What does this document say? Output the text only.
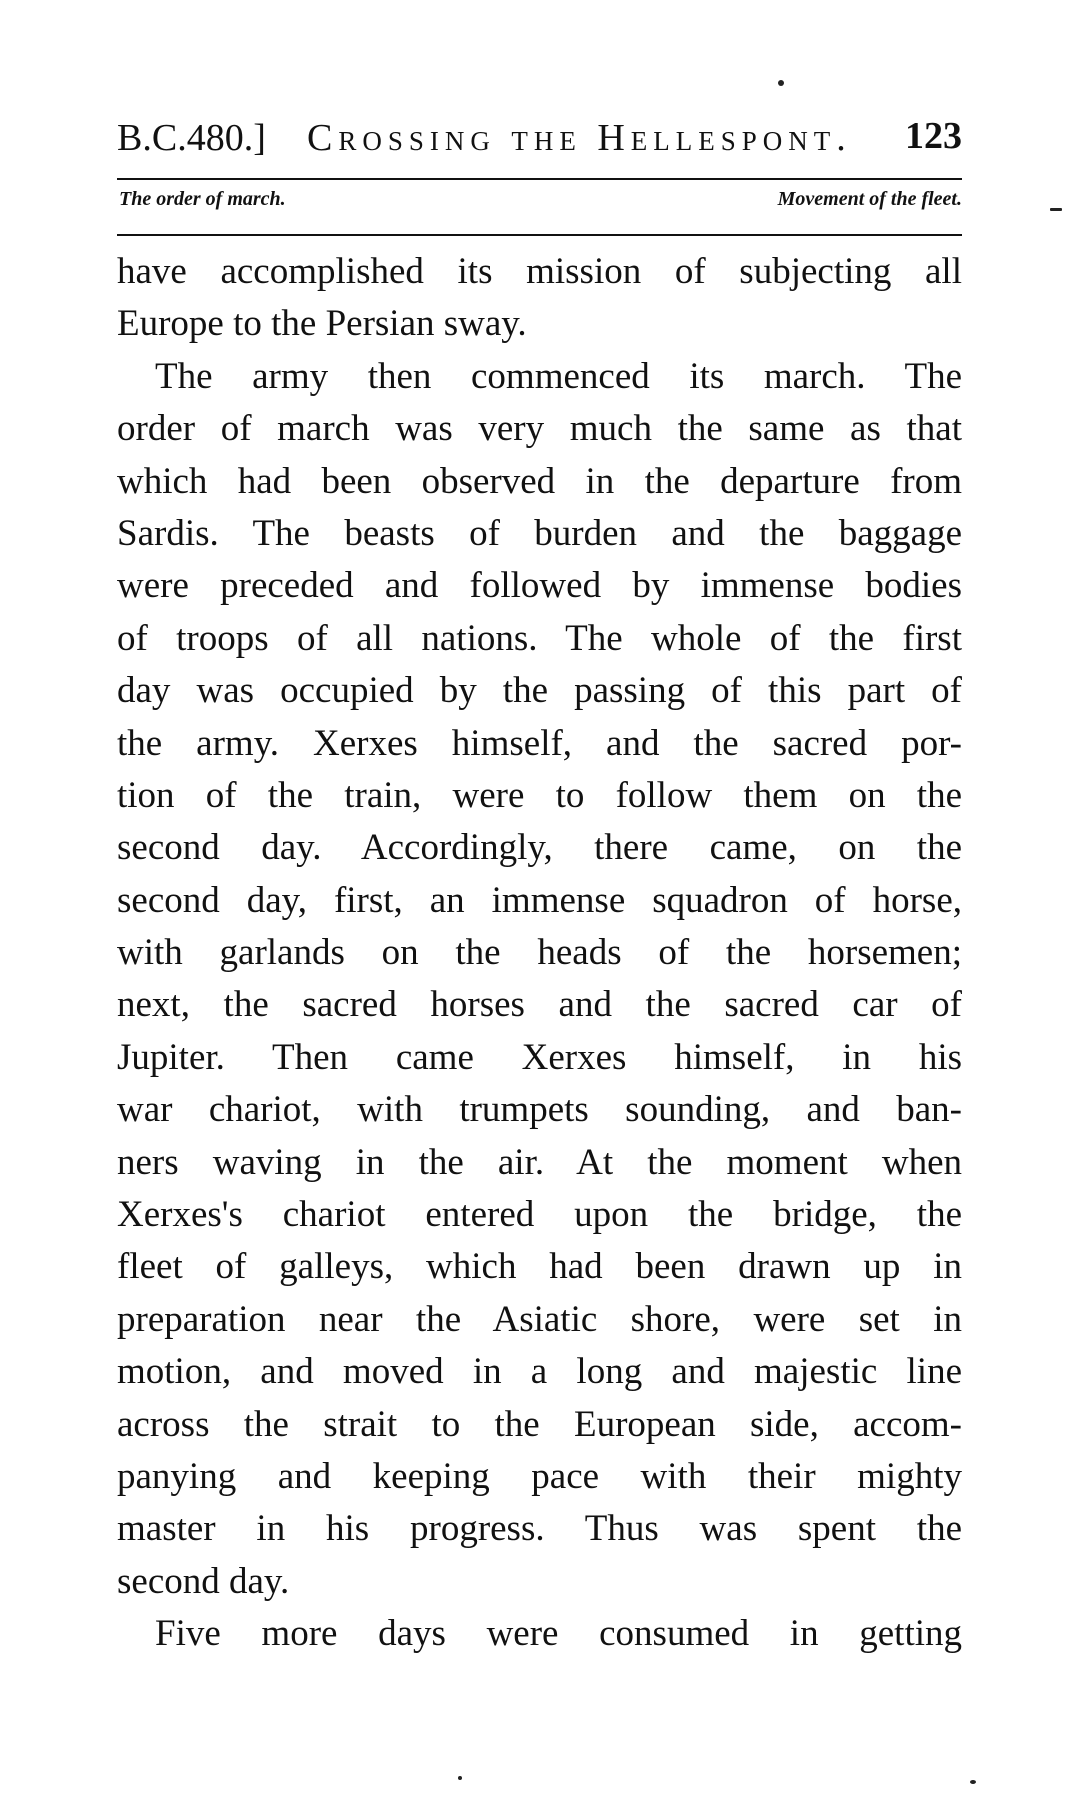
B.C.480.] Crossing the Hellespont. 123
The order of march.	Movement of the fleet.
have accomplished its mission of subjecting all
Europe to the Persian sway.
The army then commenced its march. The
order of march was very much the same as that
which had been observed in the departure from
Sardis. The beasts of burden and the baggage
were preceded and followed by immense bodies
of troops of all nations. The whole of the first
day was occupied by the passing of this part of
the army. Xerxes himself, and the sacred por-
tion of the train, were to follow them on the
second day. Accordingly, there came, on the
second day, first, an immense squadron of horse,
with garlands on the heads of the horsemen;
next, the sacred horses and the sacred car of
Jupiter. Then came Xerxes himself, in his
war chariot, with trumpets sounding, and ban-
ners waving in the air. At the moment when
Xerxes's chariot entered upon the bridge, the
fleet of galleys, which had been drawn up in
preparation near the Asiatic shore, were set in
motion, and moved in a long and majestic line
across the strait to the European side, accom-
panying and keeping pace with their mighty
master in his progress. Thus was spent the
second day.
Five more days were consumed in getting
